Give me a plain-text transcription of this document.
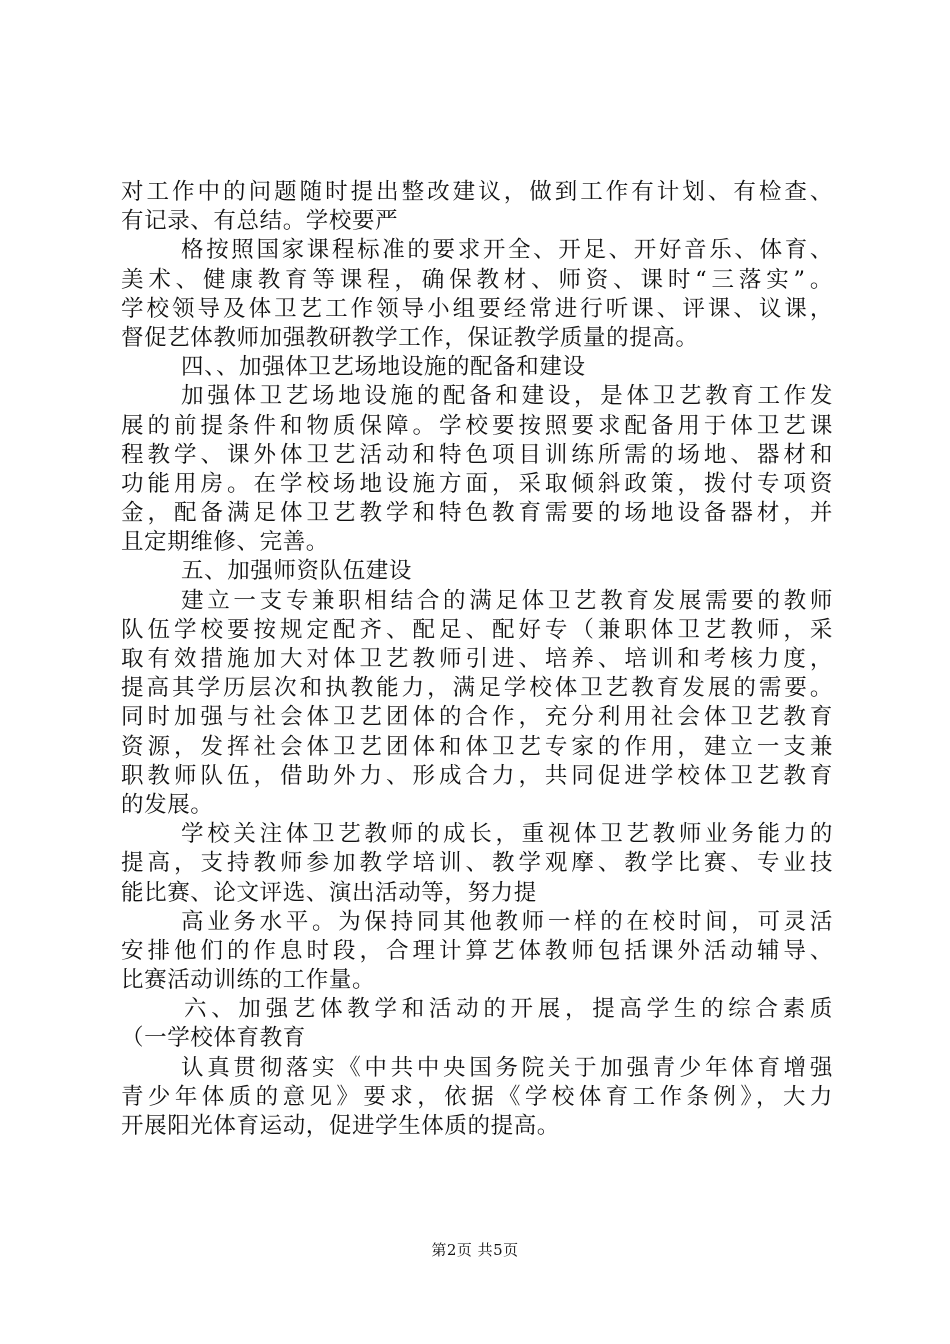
对工作中的问题随时提出整改建议，做到工作有计划、有检查、
有记录、有总结。学校要严
格按照国家课程标准的要求开全、开足、开好音乐、体育、
美术、健康教育等课程，确保教材、师资、课时“三落实”。
学校领导及体卫艺工作领导小组要经常进行听课、评课、议课，
督促艺体教师加强教研教学工作，保证教学质量的提高。
四、、加强体卫艺场地设施的配备和建设
加强体卫艺场地设施的配备和建设，是体卫艺教育工作发
展的前提条件和物质保障。学校要按照要求配备用于体卫艺课
程教学、课外体卫艺活动和特色项目训练所需的场地、器材和
功能用房。在学校场地设施方面，采取倾斜政策，拨付专项资
金，配备满足体卫艺教学和特色教育需要的场地设备器材，并
且定期维修、完善。
五、加强师资队伍建设
建立一支专兼职相结合的满足体卫艺教育发展需要的教师
队伍学校要按规定配齐、配足、配好专（兼职体卫艺教师，采
取有效措施加大对体卫艺教师引进、培养、培训和考核力度，
提高其学历层次和执教能力，满足学校体卫艺教育发展的需要。
同时加强与社会体卫艺团体的合作，充分利用社会体卫艺教育
资源，发挥社会体卫艺团体和体卫艺专家的作用，建立一支兼
职教师队伍，借助外力、形成合力，共同促进学校体卫艺教育
的发展。
学校关注体卫艺教师的成长，重视体卫艺教师业务能力的
提高，支持教师参加教学培训、教学观摩、教学比赛、专业技
能比赛、论文评选、演出活动等，努力提
高业务水平。为保持同其他教师一样的在校时间，可灵活
安排他们的作息时段，合理计算艺体教师包括课外活动辅导、
比赛活动训练的工作量。
六、加强艺体教学和活动的开展，提高学生的综合素质
（一学校体育教育
认真贯彻落实《中共中央国务院关于加强青少年体育增强
青少年体质的意见》要求，依据《学校体育工作条例》，大力
开展阳光体育运动，促进学生体质的提高。
第2页 共5页
